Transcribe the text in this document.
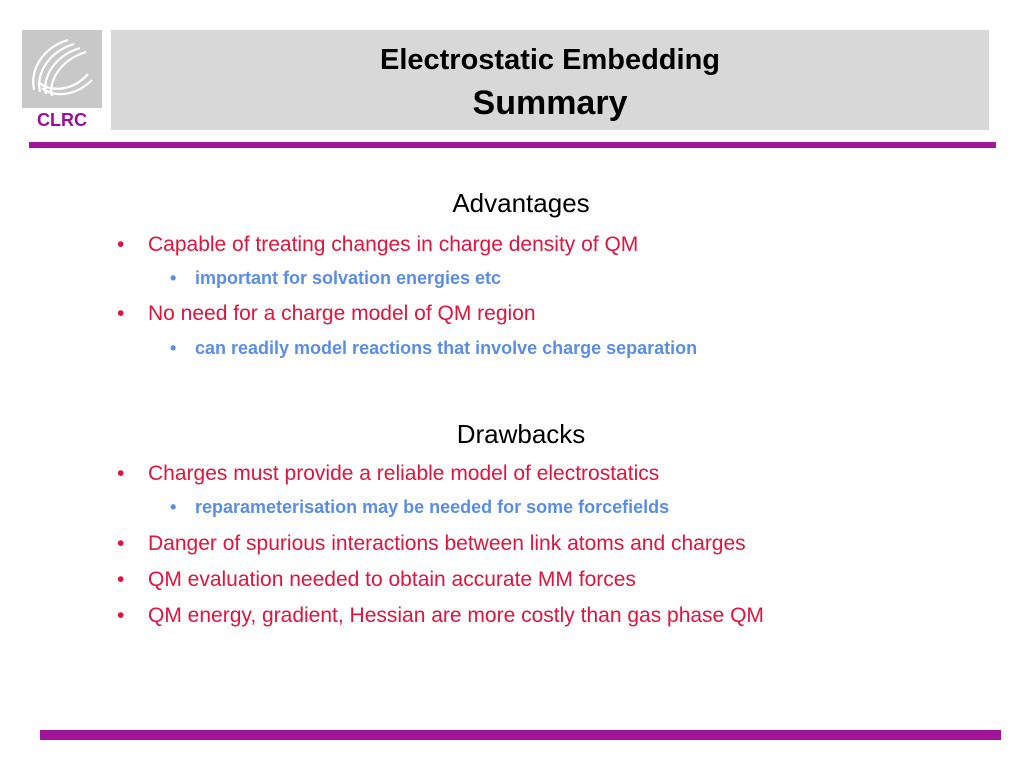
CLRC
Electrostatic Embedding
Summary
Advantages
• Capable of treating changes in charge density of QM
• important for solvation energies etc
• No need for a charge model of QM region
• can readily model reactions that involve charge separation
Drawbacks
• Charges must provide a reliable model of electrostatics
• reparameterisation may be needed for some forcefields
• Danger of spurious interactions between link atoms and charges
• QM evaluation needed to obtain accurate MM forces
• QM energy, gradient, Hessian are more costly than gas phase QM
